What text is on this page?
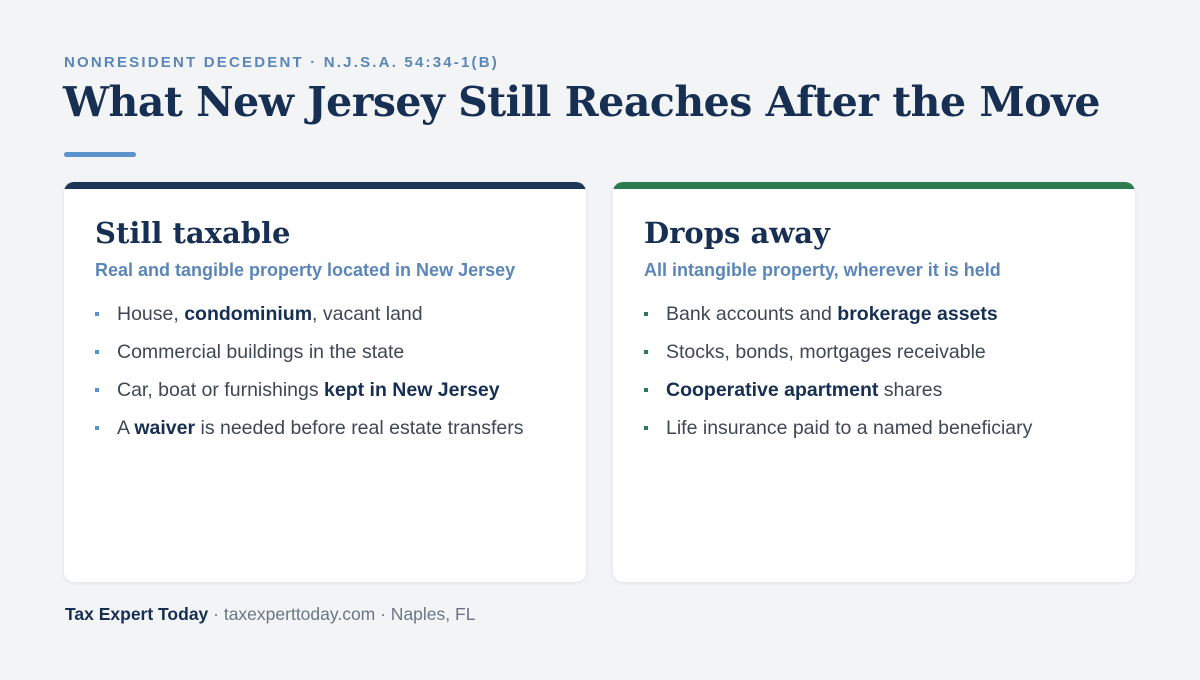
NONRESIDENT DECEDENT · N.J.S.A. 54:34-1(B)
What New Jersey Still Reaches After the Move
Still taxable
Real and tangible property located in New Jersey
House, condominium, vacant land
Commercial buildings in the state
Car, boat or furnishings kept in New Jersey
A waiver is needed before real estate transfers
Drops away
All intangible property, wherever it is held
Bank accounts and brokerage assets
Stocks, bonds, mortgages receivable
Cooperative apartment shares
Life insurance paid to a named beneficiary
Tax Expert Today · taxexperttoday.com · Naples, FL
